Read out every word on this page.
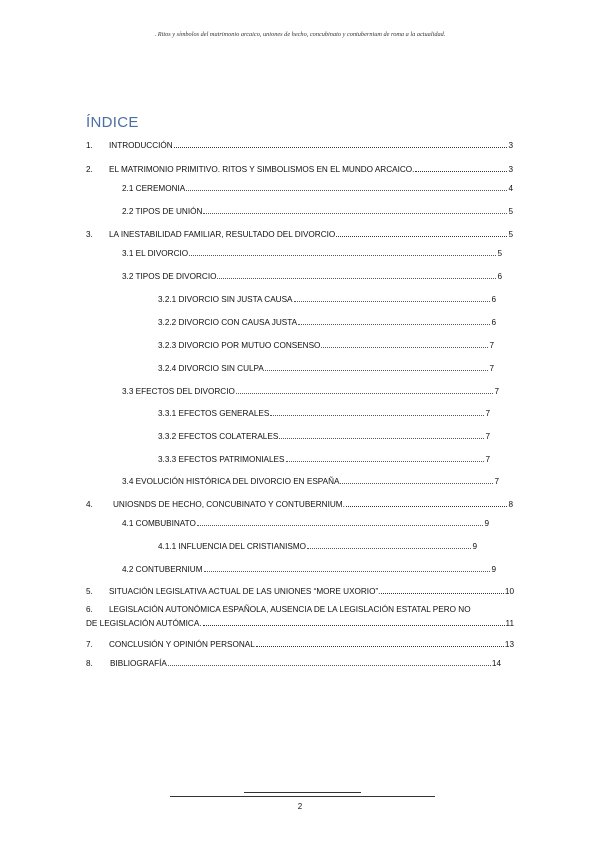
. Ritos y símbolos del matrimonio arcaico, uniones de hecho, concubinato y contubernium de roma a la actualidad.
ÍNDICE
1.	INTRODUCCIÓN	3
2.	EL MATRIMONIO PRIMITIVO. RITOS Y SIMBOLISMOS EN EL MUNDO ARCAICO.	3
2.1 CEREMONIA	4
2.2 TIPOS DE UNIÓN	5
3.	LA INESTABILIDAD FAMILIAR, RESULTADO DEL DIVORCIO	5
3.1 EL DIVORCIO	5
3.2 TIPOS DE DIVORCIO	6
3.2.1 DIVORCIO SIN JUSTA CAUSA	6
3.2.2 DIVORCIO CON CAUSA JUSTA	6
3.2.3 DIVORCIO POR MUTUO CONSENSO	7
3.2.4 DIVORCIO SIN CULPA	7
3.3 EFECTOS DEL DIVORCIO	7
3.3.1 EFECTOS GENERALES	7
3.3.2 EFECTOS COLATERALES	7
3.3.3 EFECTOS PATRIMONIALES	7
3.4 EVOLUCIÓN HISTÓRICA DEL DIVORCIO EN ESPAÑA	7
4.	UNIOSNDS DE HECHO, CONCUBINATO Y CONTUBERNIUM.	8
4.1 COMBUBINATO	9
4.1.1 INFLUENCIA DEL CRISTIANISMO	9
4.2 CONTUBERNIUM	9
5.	SITUACIÓN LEGISLATIVA ACTUAL DE LAS UNIONES “MORE UXORIO”.	10
6. LEGISLACIÓN AUTONÓMICA ESPAÑOLA, AUSENCIA DE LA LEGISLACIÓN ESTATAL PERO NO
DE LEGISLACIÓN AUTÓMICA.	11
7.	CONCLUSIÓN Y OPINIÓN PERSONAL	13
8.	BIBLIOGRAFÍA	14
2
